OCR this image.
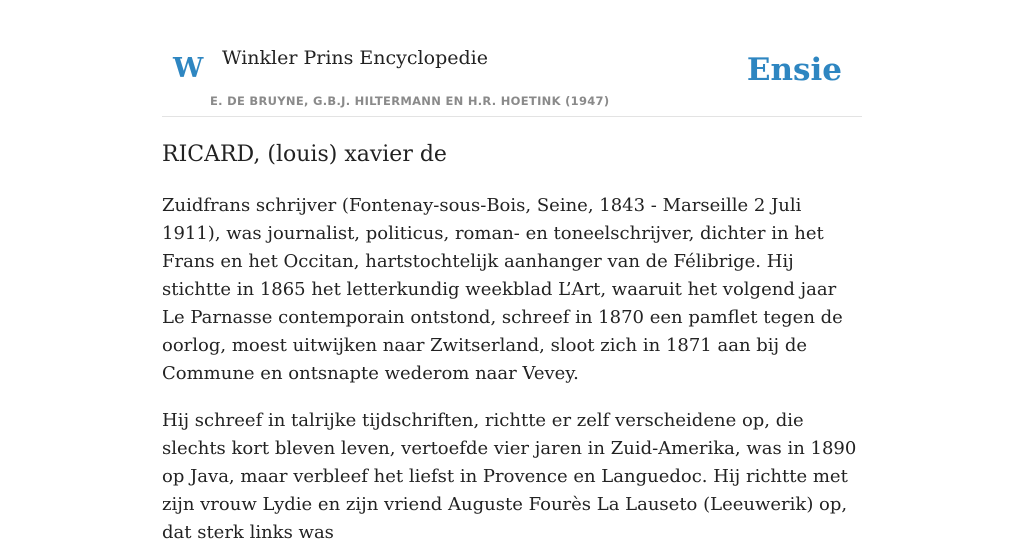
W Winkler Prins Encyclopedie
E. DE BRUYNE, G.B.J. HILTERMANN EN H.R. HOETINK (1947)
Ensie
RICARD, (louis) xavier de

Zuidfrans schrijver (Fontenay-sous-Bois, Seine, 1843 - Marseille 2 Juli 1911), was journalist, politicus, roman- en toneelschrijver, dichter in het Frans en het Occitan, hartstochtelijk aanhanger van de Félibrige. Hij stichtte in 1865 het letterkundig weekblad L’Art, waaruit het volgend jaar Le Parnasse contemporain ontstond, schreef in 1870 een pamflet tegen de oorlog, moest uitwijken naar Zwitserland, sloot zich in 1871 aan bij de Commune en ontsnapte wederom naar Vevey.

Hij schreef in talrijke tijdschriften, richtte er zelf verscheidene op, die slechts kort bleven leven, vertoefde vier jaren in Zuid-Amerika, was in 1890 op Java, maar verbleef het liefst in Provence en Languedoc. Hij richtte met zijn vrouw Lydie en zijn vriend Auguste Fourès La Lauseto (Leeuwerik) op, dat sterk links was
